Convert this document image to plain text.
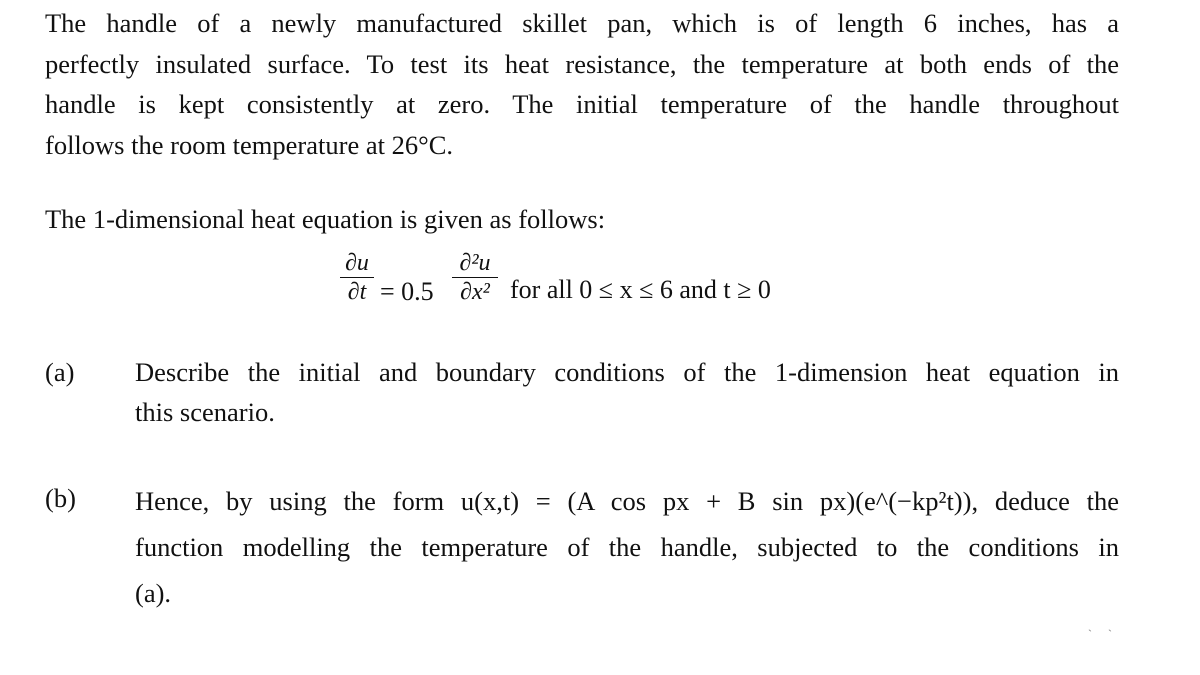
The handle of a newly manufactured skillet pan, which is of length 6 inches, has a
perfectly insulated surface. To test its heat resistance, the temperature at both ends of the
handle is kept consistently at zero. The initial temperature of the handle throughout
follows the room temperature at 26°C.
The 1-dimensional heat equation is given as follows:
∂u
∂t = 0.5
∂²u
∂x² for all 0 ≤ x ≤ 6 and t ≥ 0
(a) Describe the initial and boundary conditions of the 1-dimension heat equation in
this scenario.
(b) Hence, by using the form u(x,t) = (A cos px + B sin px)(e^(−kp²t)), deduce the
function modelling the temperature of the handle, subjected to the conditions in
(a).
ˏ ˎ
